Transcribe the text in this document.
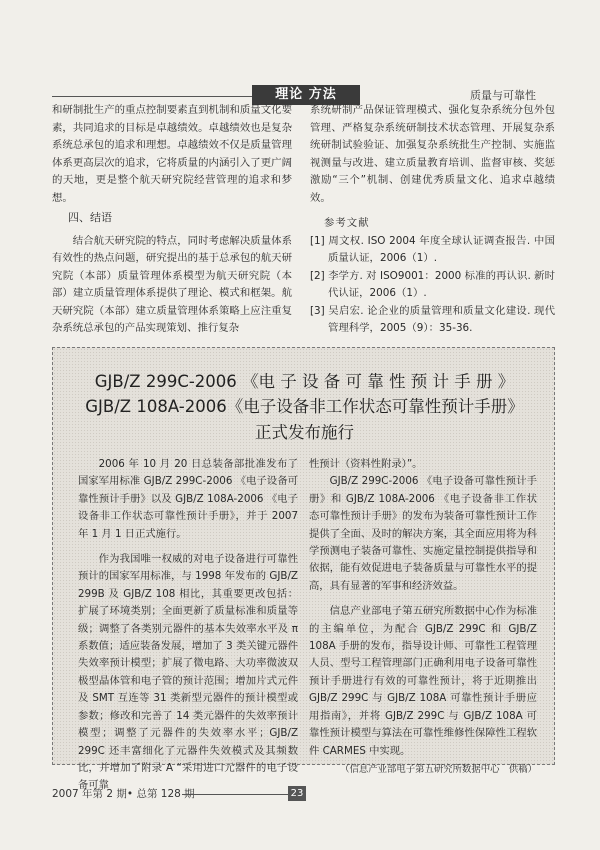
理论 方法	质量与可靠性

和研制批生产的重点控制要素直到机制和质量文化要素，共同追求的目标是卓越绩效。卓越绩效也是复杂系统总承包的追求和理想。卓越绩效不仅是质量管理体系更高层次的追求，它将质量的内涵引入了更广阔的天地，更是整个航天研究院经营管理的追求和梦想。

四、结语

结合航天研究院的特点，同时考虑解决质量体系有效性的热点问题，研究提出的基于总承包的航天研究院（本部）质量管理体系模型为航天研究院（本部）建立质量管理体系提供了理论、模式和框架。航天研究院（本部）建立质量管理体系策略上应注重复杂系统总承包的产品实现策划、推行复杂

系统研制产品保证管理模式、强化复杂系统分包外包管理、严格复杂系统研制技术状态管理、开展复杂系统研制试验验证、加强复杂系统批生产控制、实施监视测量与改进、建立质量教育培训、监督审核、奖惩激励“三个”机制、创建优秀质量文化、追求卓越绩效。

参考文献

[1] 周文权. ISO 2004 年度全球认证调查报告. 中国质量认证，2006（1）.

[2] 李学方. 对 ISO9001：2000 标准的再认识. 新时代认证，2006（1）.

[3] 吴启宏. 论企业的质量管理和质量文化建设. 现代管理科学，2005（9）：35-36.

GJB/Z 299C-2006 《电 子 设 备 可 靠 性 预 计 手 册 》
GJB/Z 108A-2006《电子设备非工作状态可靠性预计手册》
正式发布施行

2006 年 10 月 20 日总装备部批准发布了国家军用标准 GJB/Z 299C-2006 《电子设备可靠性预计手册》以及 GJB/Z 108A-2006 《电子设备非工作状态可靠性预计手册》，并于 2007 年 1 月 1 日正式施行。

作为我国唯一权威的对电子设备进行可靠性预计的国家军用标准，与 1998 年发布的 GJB/Z 299B 及 GJB/Z 108 相比，其重要更改包括：扩展了环境类别；全面更新了质量标准和质量等级；调整了各类别元器件的基本失效率水平及 π 系数值；适应装备发展，增加了 3 类关键元器件失效率预计模型；扩展了微电路、大功率微波双极型晶体管和电子管的预计范围；增加片式元件及 SMT 互连等 31 类新型元器件的预计模型或参数；修改和完善了 14 类元器件的失效率预计模型；调整了元器件的失效率水平；GJB/Z 299C 还丰富细化了元器件失效模式及其频数比，并增加了附录 A “采用进口元器件的电子设备可靠

性预计（资料性附录）”。

GJB/Z 299C-2006 《电子设备可靠性预计手册》和 GJB/Z 108A-2006 《电子设备非工作状态可靠性预计手册》的发布为装备可靠性预计工作提供了全面、及时的解决方案，其全面应用将为科学预测电子装备可靠性、实施定量控制提供指导和依据，能有效促进电子装备质量与可靠性水平的提高，具有显著的军事和经济效益。

信息产业部电子第五研究所数据中心作为标准的主编单位，为配合 GJB/Z 299C 和 GJB/Z 108A 手册的发布，指导设计师、可靠性工程管理人员、型号工程管理部门正确利用电子设备可靠性预计手册进行有效的可靠性预计，将于近期推出 GJB/Z 299C 与 GJB/Z 108A 可靠性预计手册应用指南》，并将 GJB/Z 299C 与 GJB/Z 108A 可靠性预计模型与算法在可靠性维修性保障性工程软件 CARMES 中实现。

（信息产业部电子第五研究所数据中心　供稿）

2007 年第 2 期• 总第 128 期	23
